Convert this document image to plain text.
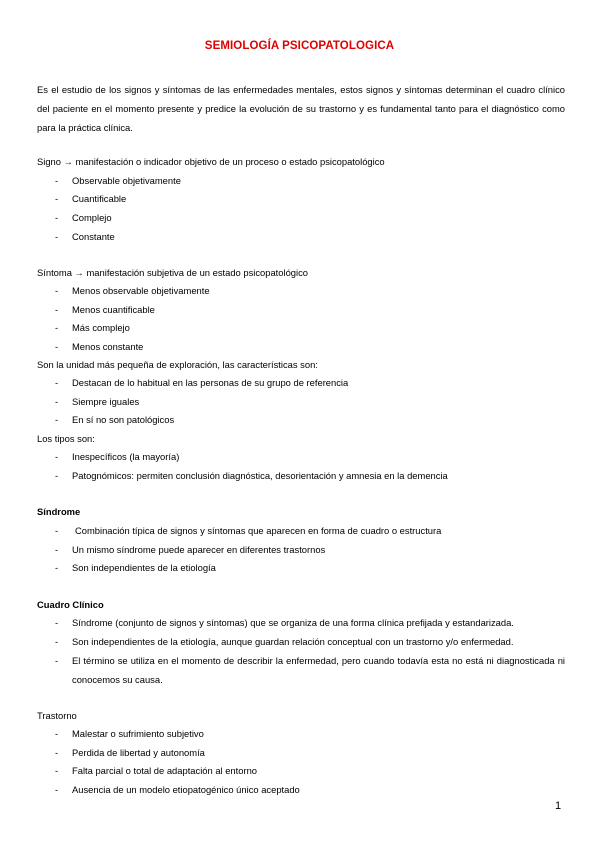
SEMIOLOGÍA PSICOPATOLOGICA
Es el estudio de los signos y síntomas de las enfermedades mentales, estos signos y síntomas determinan el cuadro clínico del paciente en el momento presente y predice la evolución de su trastorno y es fundamental tanto para el diagnóstico como para la práctica clínica.
Signo → manifestación o indicador objetivo de un proceso o estado psicopatológico
- Observable objetivamente
- Cuantificable
- Complejo
- Constante
Síntoma → manifestación subjetiva de un estado psicopatológico
- Menos observable objetivamente
- Menos cuantificable
- Más complejo
- Menos constante
Son la unidad más pequeña de exploración, las características son:
- Destacan de lo habitual en las personas de su grupo de referencia
- Siempre iguales
- En sí no son patológicos
Los tipos son:
- Inespecíficos (la mayoría)
- Patognómicos: permiten conclusión diagnóstica, desorientación y amnesia en la demencia
Síndrome
- Combinación típica de signos y síntomas que aparecen en forma de cuadro o estructura
- Un mismo síndrome puede aparecer en diferentes trastornos
- Son independientes de la etiología
Cuadro Clínico
- Síndrome (conjunto de signos y síntomas) que se organiza de una forma clínica prefijada y estandarizada.
- Son independientes de la etiología, aunque guardan relación conceptual con un trastorno y/o enfermedad.
- El término se utiliza en el momento de describir la enfermedad, pero cuando todavía esta no está ni diagnosticada ni conocemos su causa.
Trastorno
- Malestar o sufrimiento subjetivo
- Perdida de libertad y autonomía
- Falta parcial o total de adaptación al entorno
- Ausencia de un modelo etiopatogénico único aceptado
1
